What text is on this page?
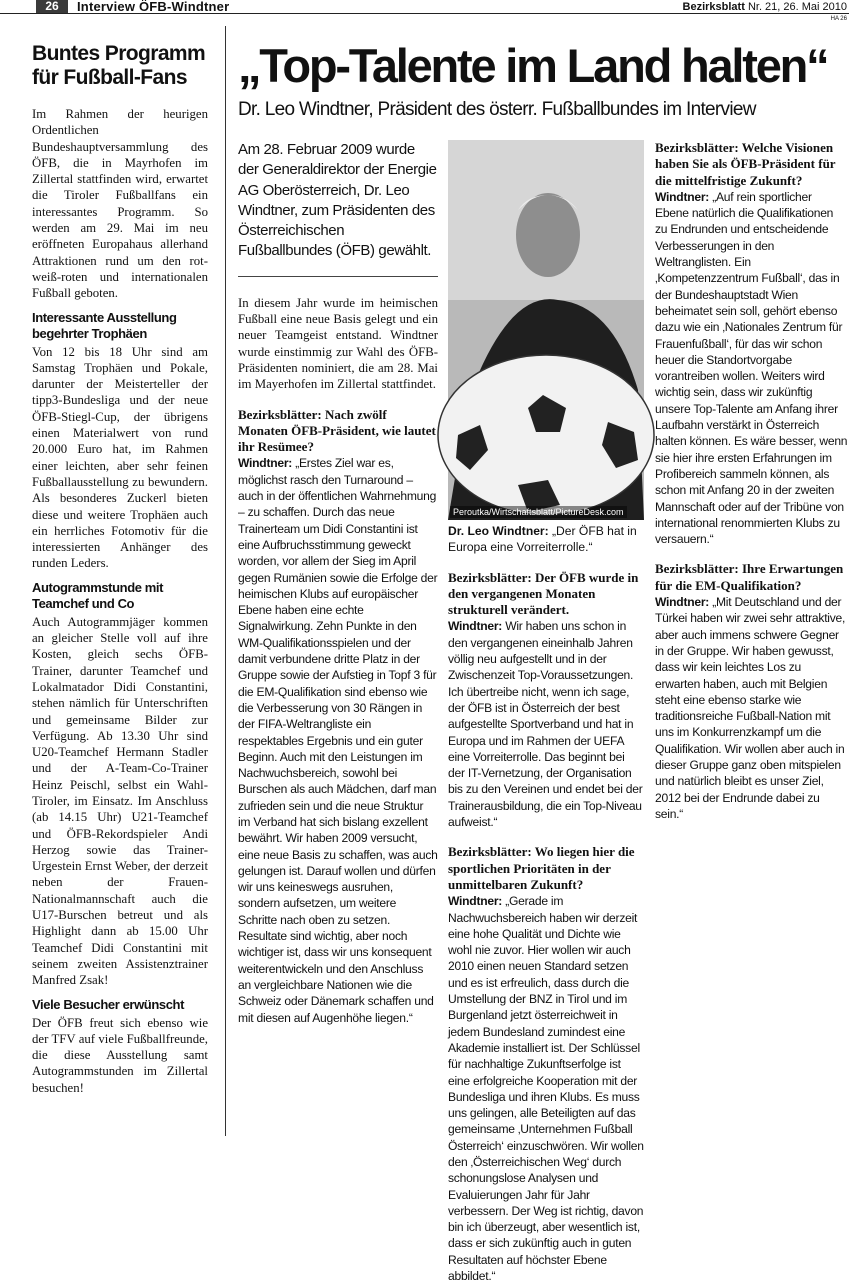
26	Interview ÖFB-Windtner	Bezirksblatt Nr. 21, 26. Mai 2010
HA 26
Buntes Programm für Fußball-Fans

Im Rahmen der heurigen Ordentlichen Bundeshauptversammlung des ÖFB, die in Mayrhofen im Zillertal stattfinden wird, erwartet die Tiroler Fußballfans ein interessantes Programm. So werden am 29. Mai im neu eröffneten Europahaus allerhand Attraktionen rund um den rot-weiß-roten und internationalen Fußball geboten.

Interessante Ausstellung begehrter Trophäen

Von 12 bis 18 Uhr sind am Samstag Trophäen und Pokale, darunter der Meisterteller der tipp3-Bundesliga und der neue ÖFB-Stiegl-Cup, der übrigens einen Materialwert von rund 20.000 Euro hat, im Rahmen einer leichten, aber sehr feinen Fußballausstellung zu bewundern. Als besonderes Zuckerl bieten diese und weitere Trophäen auch ein herrliches Fotomotiv für die interessierten Anhänger des runden Leders.

Autogrammstunde mit Teamchef und Co

Auch Autogrammjäger kommen an gleicher Stelle voll auf ihre Kosten, gleich sechs ÖFB-Trainer, darunter Teamchef und Lokalmatador Didi Constantini, stehen nämlich für Unterschriften und gemeinsame Bilder zur Verfügung. Ab 13.30 Uhr sind U20-Teamchef Hermann Stadler und der A-Team-Co-Trainer Heinz Peischl, selbst ein Wahl-Tiroler, im Einsatz. Im Anschluss (ab 14.15 Uhr) U21-Teamchef und ÖFB-Rekordspieler Andi Herzog sowie das Trainer-Urgestein Ernst Weber, der derzeit neben der Frauen-Nationalmannschaft auch die U17-Burschen betreut und als Highlight dann ab 15.00 Uhr Teamchef Didi Constantini mit seinem zweiten Assistenztrainer Manfred Zsak!

Viele Besucher erwünscht

Der ÖFB freut sich ebenso wie der TFV auf viele Fußballfreunde, die diese Ausstellung samt Autogrammstunden im Zillertal besuchen!

„Top-Talente im Land halten“
Dr. Leo Windtner, Präsident des österr. Fußballbundes im Interview

Am 28. Februar 2009 wurde der Generaldirektor der Energie AG Oberösterreich, Dr. Leo Windtner, zum Präsidenten des Österreichischen Fußballbundes (ÖFB) gewählt.

In diesem Jahr wurde im heimischen Fußball eine neue Basis gelegt und ein neuer Teamgeist entstand. Windtner wurde einstimmig zur Wahl des ÖFB-Präsidenten nominiert, die am 28. Mai im Mayerhofen im Zillertal stattfindet.

Bezirksblätter: Nach zwölf Monaten ÖFB-Präsident, wie lautet ihr Resümee?

Windtner: „Erstes Ziel war es, möglichst rasch den Turnaround – auch in der öffentlichen Wahrnehmung – zu schaffen. Durch das neue Trainerteam um Didi Constantini ist eine Aufbruchsstimmung geweckt worden, vor allem der Sieg im April gegen Rumänien sowie die Erfolge der heimischen Klubs auf europäischer Ebene haben eine echte Signalwirkung. Zehn Punkte in den WM-Qualifikationsspielen und der damit verbundene dritte Platz in der Gruppe sowie der Aufstieg in Topf 3 für die EM-Qualifikation sind ebenso wie die Verbesserung von 30 Rängen in der FIFA-Weltrangliste ein respektables Ergebnis und ein guter Beginn. Auch mit den Leistungen im Nachwuchsbereich, sowohl bei Burschen als auch Mädchen, darf man zufrieden sein und die neue Struktur im Verband hat sich bislang exzellent bewährt. Wir haben 2009 versucht, eine neue Basis zu schaffen, was auch gelungen ist. Darauf wollen und dürfen wir uns keineswegs ausruhen, sondern aufsetzen, um weitere Schritte nach oben zu setzen. Resultate sind wichtig, aber noch wichtiger ist, dass wir uns konsequent weiterentwickeln und den Anschluss an vergleichbare Nationen wie die Schweiz oder Dänemark schaffen und mit diesen auf Augenhöhe liegen.“

Peroutka/Wirtschaftsblatt/PictureDesk.com

Dr. Leo Windtner: „Der ÖFB hat in Europa eine Vorreiterrolle.“

Bezirksblätter: Der ÖFB wurde in den vergangenen Monaten strukturell verändert.

Windtner: Wir haben uns schon in den vergangenen eineinhalb Jahren völlig neu aufgestellt und in der Zwischenzeit Top-Voraussetzungen. Ich übertreibe nicht, wenn ich sage, der ÖFB ist in Österreich der best aufgestellte Sportverband und hat in Europa und im Rahmen der UEFA eine Vorreiterrolle. Das beginnt bei der IT-Vernetzung, der Organisation bis zu den Vereinen und endet bei der Trainerausbildung, die ein Top-Niveau aufweist.“

Bezirksblätter: Wo liegen hier die sportlichen Prioritäten in der unmittelbaren Zukunft?

Windtner: „Gerade im Nachwuchsbereich haben wir derzeit eine hohe Qualität und Dichte wie wohl nie zuvor. Hier wollen wir auch 2010 einen neuen Standard setzen und es ist erfreulich, dass durch die Umstellung der BNZ in Tirol und im Burgenland jetzt österreichweit in jedem Bundesland zumindest eine Akademie installiert ist. Der Schlüssel für nachhaltige Zukunftserfolge ist eine erfolgreiche Kooperation mit der Bundesliga und ihren Klubs. Es muss uns gelingen, alle Beteiligten auf das gemeinsame ‚Unternehmen Fußball Österreich‘ einzuschwören. Wir wollen den ‚Österreichischen Weg‘ durch schonungslose Analysen und Evaluierungen Jahr für Jahr verbessern. Der Weg ist richtig, davon bin ich überzeugt, aber wesentlich ist, dass er sich zukünftig auch in guten Resultaten auf höchster Ebene abbildet.“

Bezirksblätter: Welche Visionen haben Sie als ÖFB-Präsident für die mittelfristige Zukunft?

Windtner: „Auf rein sportlicher Ebene natürlich die Qualifikationen zu Endrunden und entscheidende Verbesserungen in den Weltranglisten. Ein ‚Kompetenzzentrum Fußball‘, das in der Bundeshauptstadt Wien beheimatet sein soll, gehört ebenso dazu wie ein ‚Nationales Zentrum für Frauenfußball‘, für das wir schon heuer die Standortvorgabe vorantreiben wollen. Weiters wird wichtig sein, dass wir zukünftig unsere Top-Talente am Anfang ihrer Laufbahn verstärkt in Österreich halten können. Es wäre besser, wenn sie hier ihre ersten Erfahrungen im Profibereich sammeln können, als schon mit Anfang 20 in der zweiten Mannschaft oder auf der Tribüne von international renommierten Klubs zu versauern.“

Bezirksblätter: Ihre Erwartungen für die EM-Qualifikation?

Windtner: „Mit Deutschland und der Türkei haben wir zwei sehr attraktive, aber auch immens schwere Gegner in der Gruppe. Wir haben gewusst, dass wir kein leichtes Los zu erwarten haben, auch mit Belgien steht eine ebenso starke wie traditionsreiche Fußball-Nation mit uns im Konkurrenzkampf um die Qualifikation. Wir wollen aber auch in dieser Gruppe ganz oben mitspielen und natürlich bleibt es unser Ziel, 2012 bei der Endrunde dabei zu sein.“
